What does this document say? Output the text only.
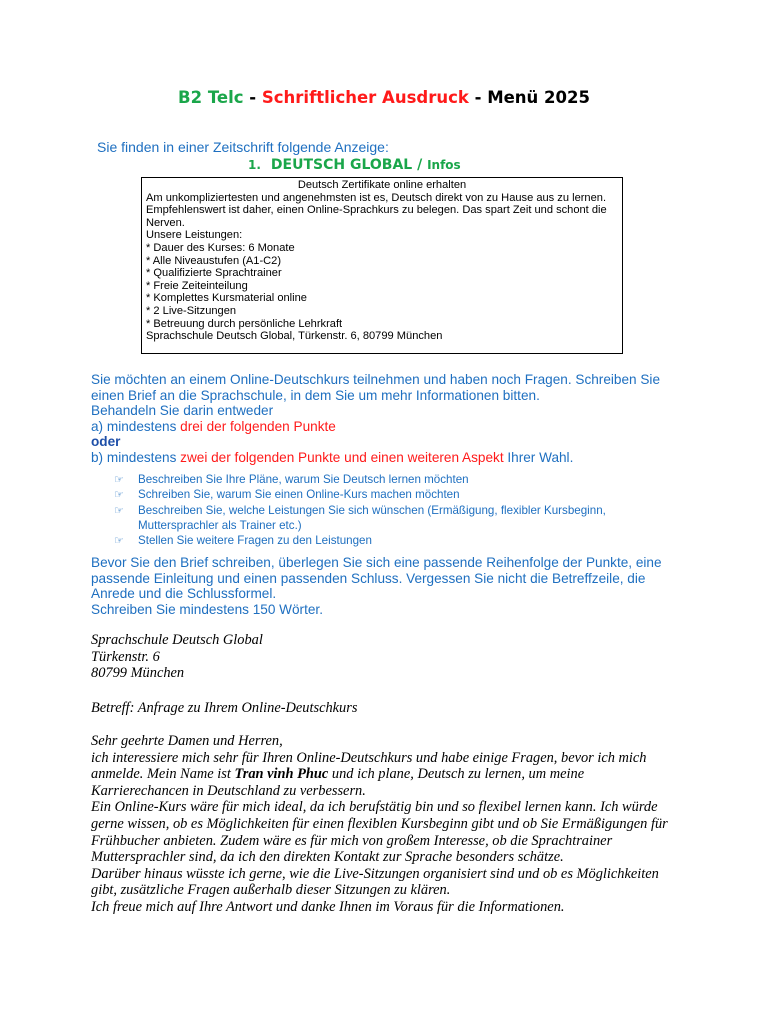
B2 Telc - Schriftlicher Ausdruck - Menü 2025
Sie finden in einer Zeitschrift folgende Anzeige:
1. DEUTSCH GLOBAL / Infos
Deutsch Zertifikate online erhalten
Am unkompliziertesten und angenehmsten ist es, Deutsch direkt von zu Hause aus zu lernen.
Empfehlenswert ist daher, einen Online-Sprachkurs zu belegen. Das spart Zeit und schont die Nerven.
Unsere Leistungen:
* Dauer des Kurses: 6 Monate
* Alle Niveaustufen (A1-C2)
* Qualifizierte Sprachtrainer
* Freie Zeiteinteilung
* Komplettes Kursmaterial online
* 2 Live-Sitzungen
* Betreuung durch persönliche Lehrkraft
Sprachschule Deutsch Global, Türkenstr. 6, 80799 München
Sie möchten an einem Online-Deutschkurs teilnehmen und haben noch Fragen. Schreiben Sie einen Brief an die Sprachschule, in dem Sie um mehr Informationen bitten.
Behandeln Sie darin entweder
a) mindestens drei der folgenden Punkte
oder
b) mindestens zwei der folgenden Punkte und einen weiteren Aspekt Ihrer Wahl.
☞ Beschreiben Sie Ihre Pläne, warum Sie Deutsch lernen möchten
☞ Schreiben Sie, warum Sie einen Online-Kurs machen möchten
☞ Beschreiben Sie, welche Leistungen Sie sich wünschen (Ermäßigung, flexibler Kursbeginn, Muttersprachler als Trainer etc.)
☞ Stellen Sie weitere Fragen zu den Leistungen
Bevor Sie den Brief schreiben, überlegen Sie sich eine passende Reihenfolge der Punkte, eine passende Einleitung und einen passenden Schluss. Vergessen Sie nicht die Betreffzeile, die Anrede und die Schlussformel.
Schreiben Sie mindestens 150 Wörter.
Sprachschule Deutsch Global
Türkenstr. 6
80799 München
Betreff: Anfrage zu Ihrem Online-Deutschkurs
Sehr geehrte Damen und Herren,
ich interessiere mich sehr für Ihren Online-Deutschkurs und habe einige Fragen, bevor ich mich anmelde. Mein Name ist Tran vinh Phuc und ich plane, Deutsch zu lernen, um meine Karrierechancen in Deutschland zu verbessern.
Ein Online-Kurs wäre für mich ideal, da ich berufstätig bin und so flexibel lernen kann. Ich würde gerne wissen, ob es Möglichkeiten für einen flexiblen Kursbeginn gibt und ob Sie Ermäßigungen für Frühbucher anbieten. Zudem wäre es für mich von großem Interesse, ob die Sprachtrainer Muttersprachler sind, da ich den direkten Kontakt zur Sprache besonders schätze.
Darüber hinaus wüsste ich gerne, wie die Live-Sitzungen organisiert sind und ob es Möglichkeiten gibt, zusätzliche Fragen außerhalb dieser Sitzungen zu klären.
Ich freue mich auf Ihre Antwort und danke Ihnen im Voraus für die Informationen.
